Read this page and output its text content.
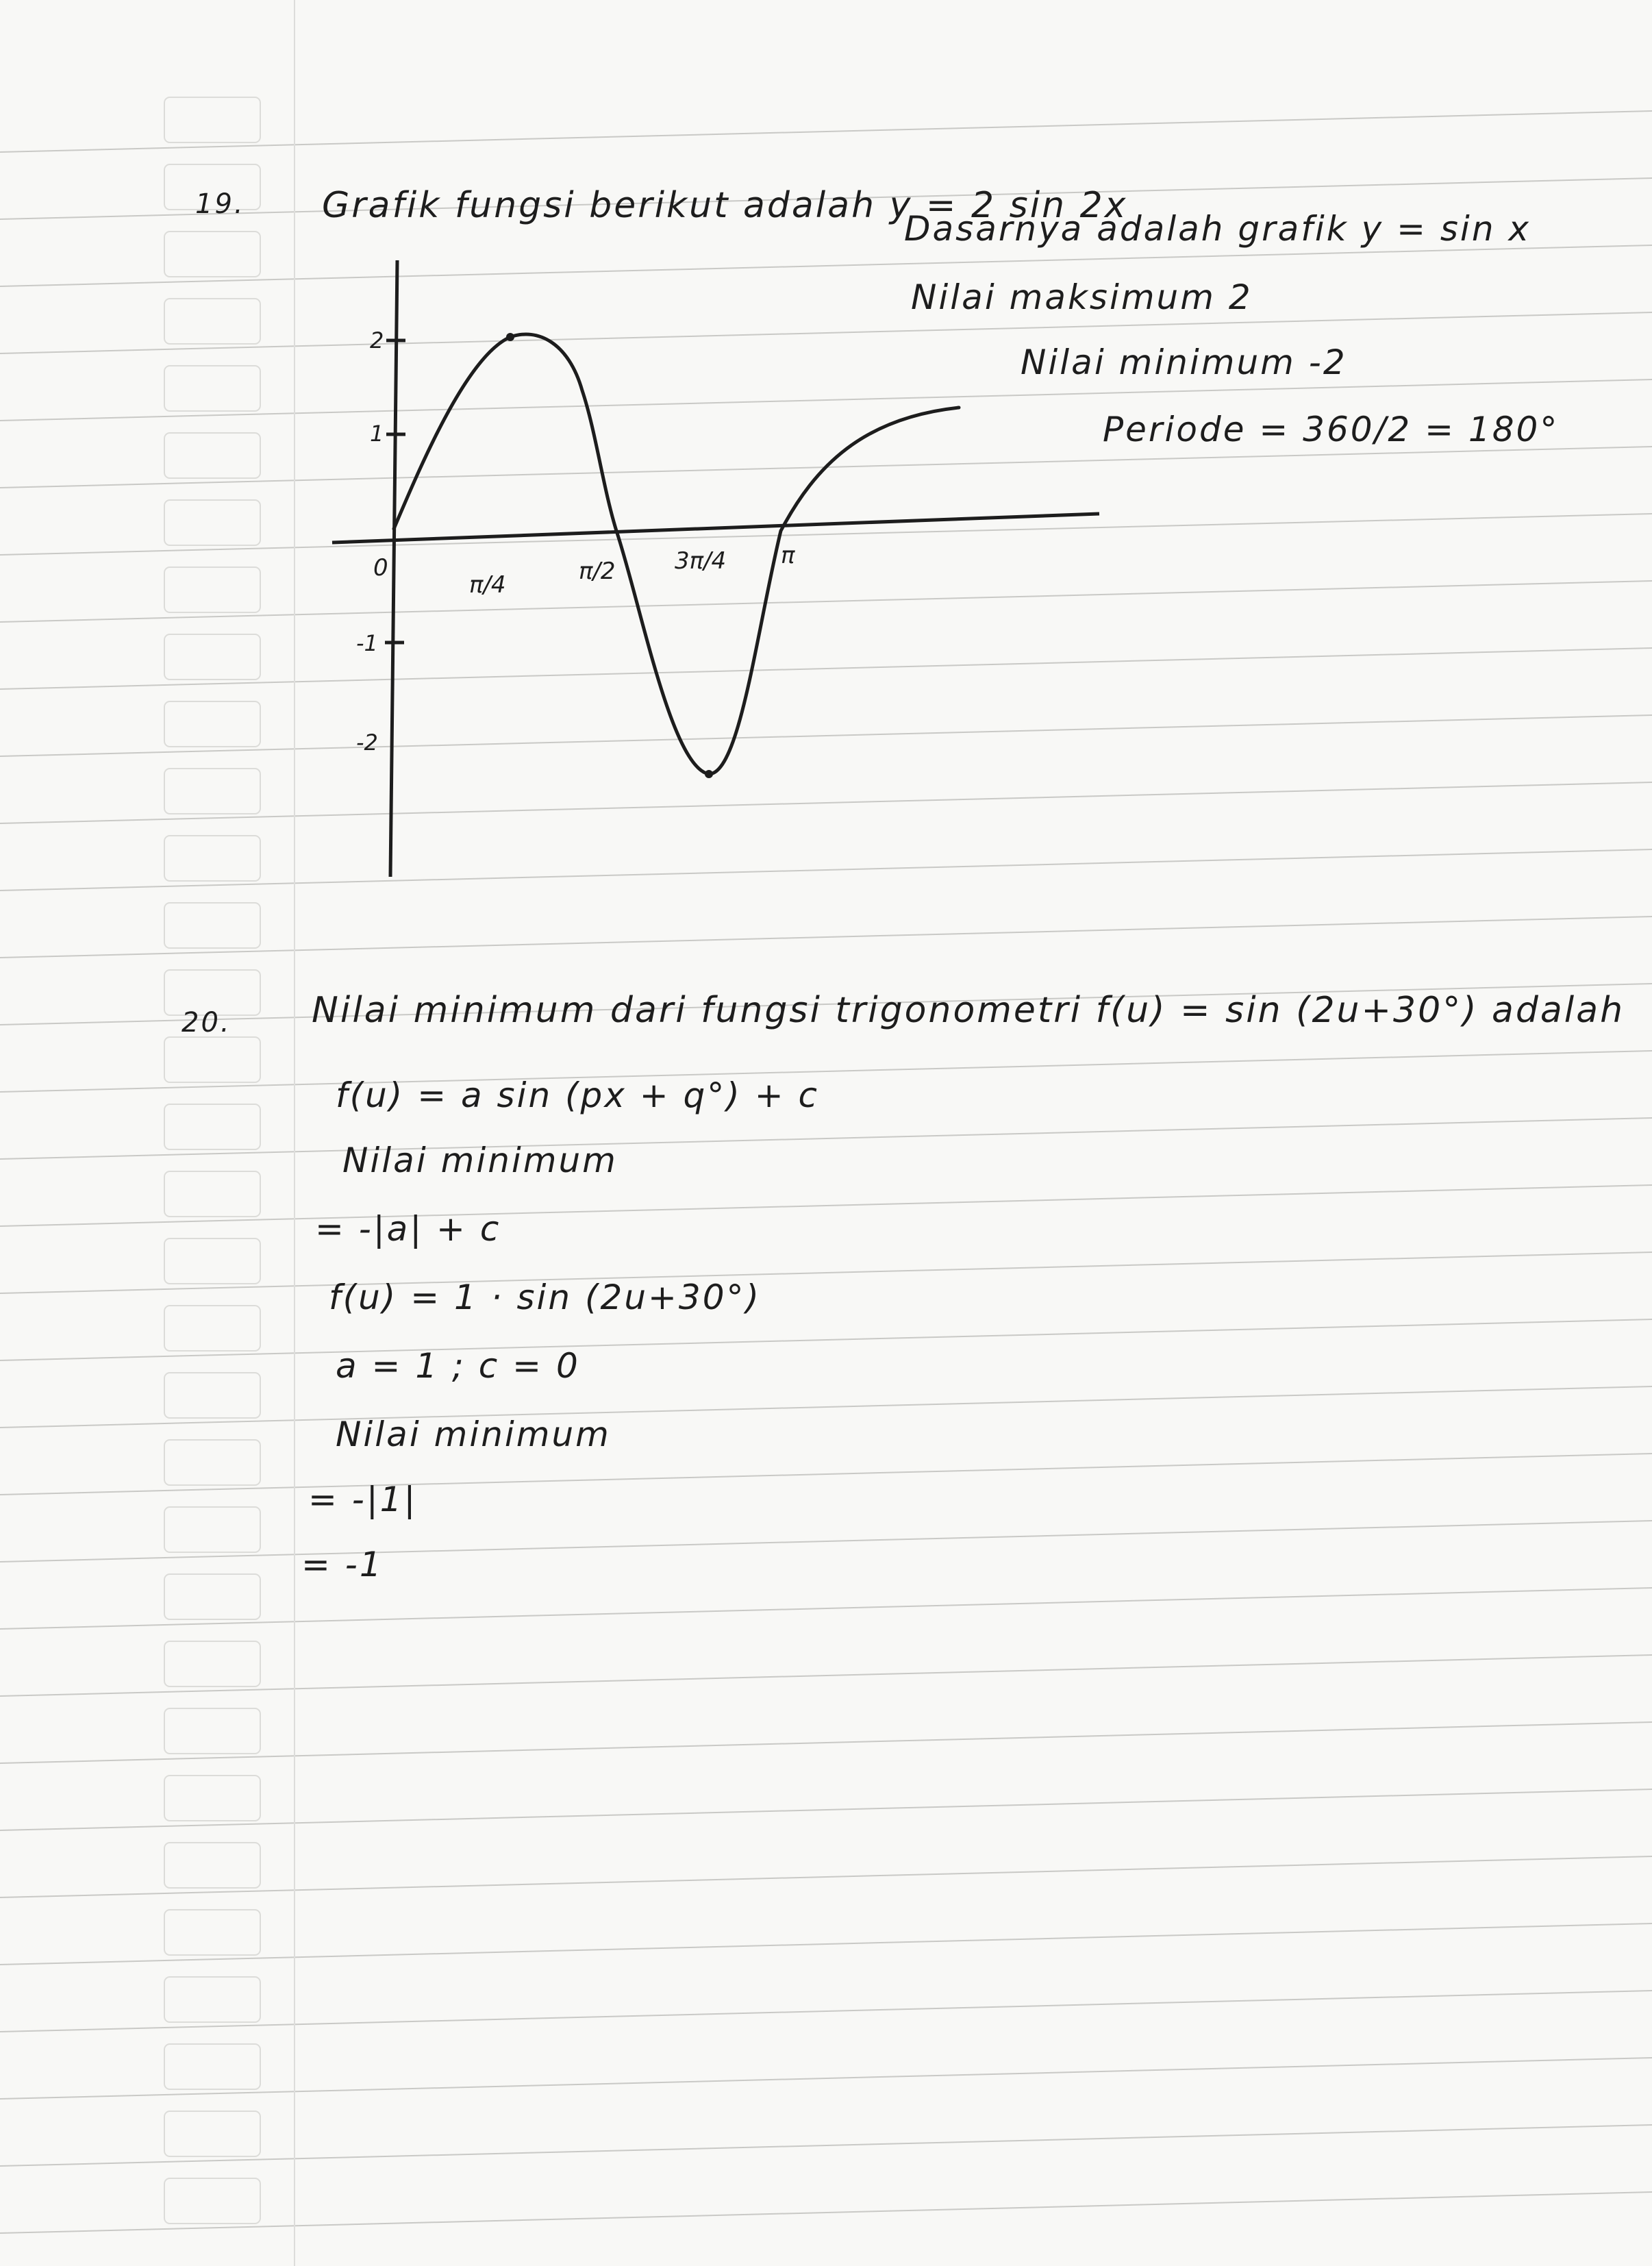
19. Grafik fungsi berikut adalah y = 2 sin 2x
Dasarnya adalah grafik y = sin x
Nilai maksimum 2
Nilai minimum -2
Periode = 360/2 = 180°
2
1
-1
-2
0
π/4	π/2	3π/4 π
20. Nilai minimum dari fungsi trigonometri f(u) = sin (2u+30°) adalah
f(u) = a sin (px + q°) + c
Nilai minimum
= -|a| + c
f(u) = 1 · sin (2u+30°)
a = 1 ; c = 0
Nilai minimum
= -|1|
= -1
